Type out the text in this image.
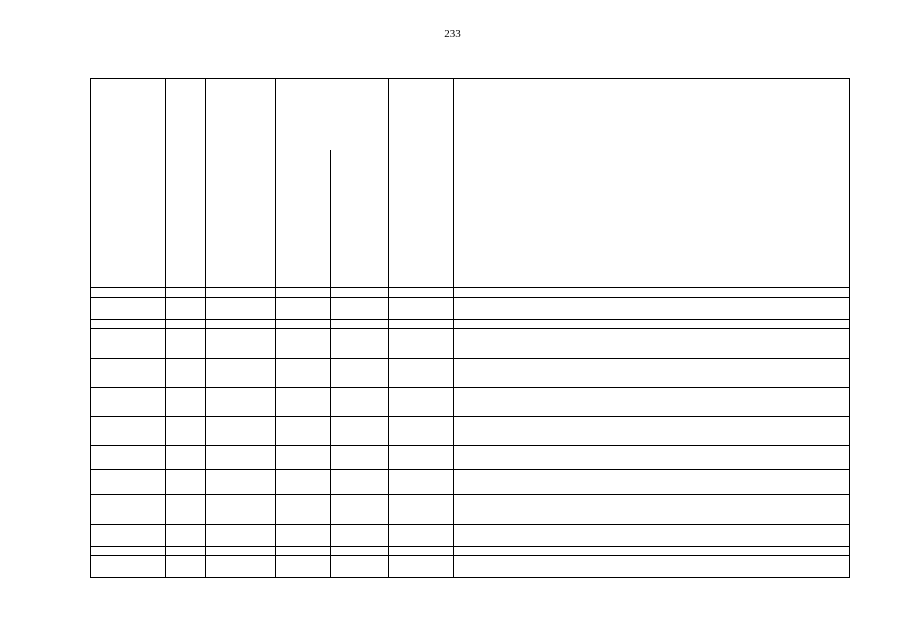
233
